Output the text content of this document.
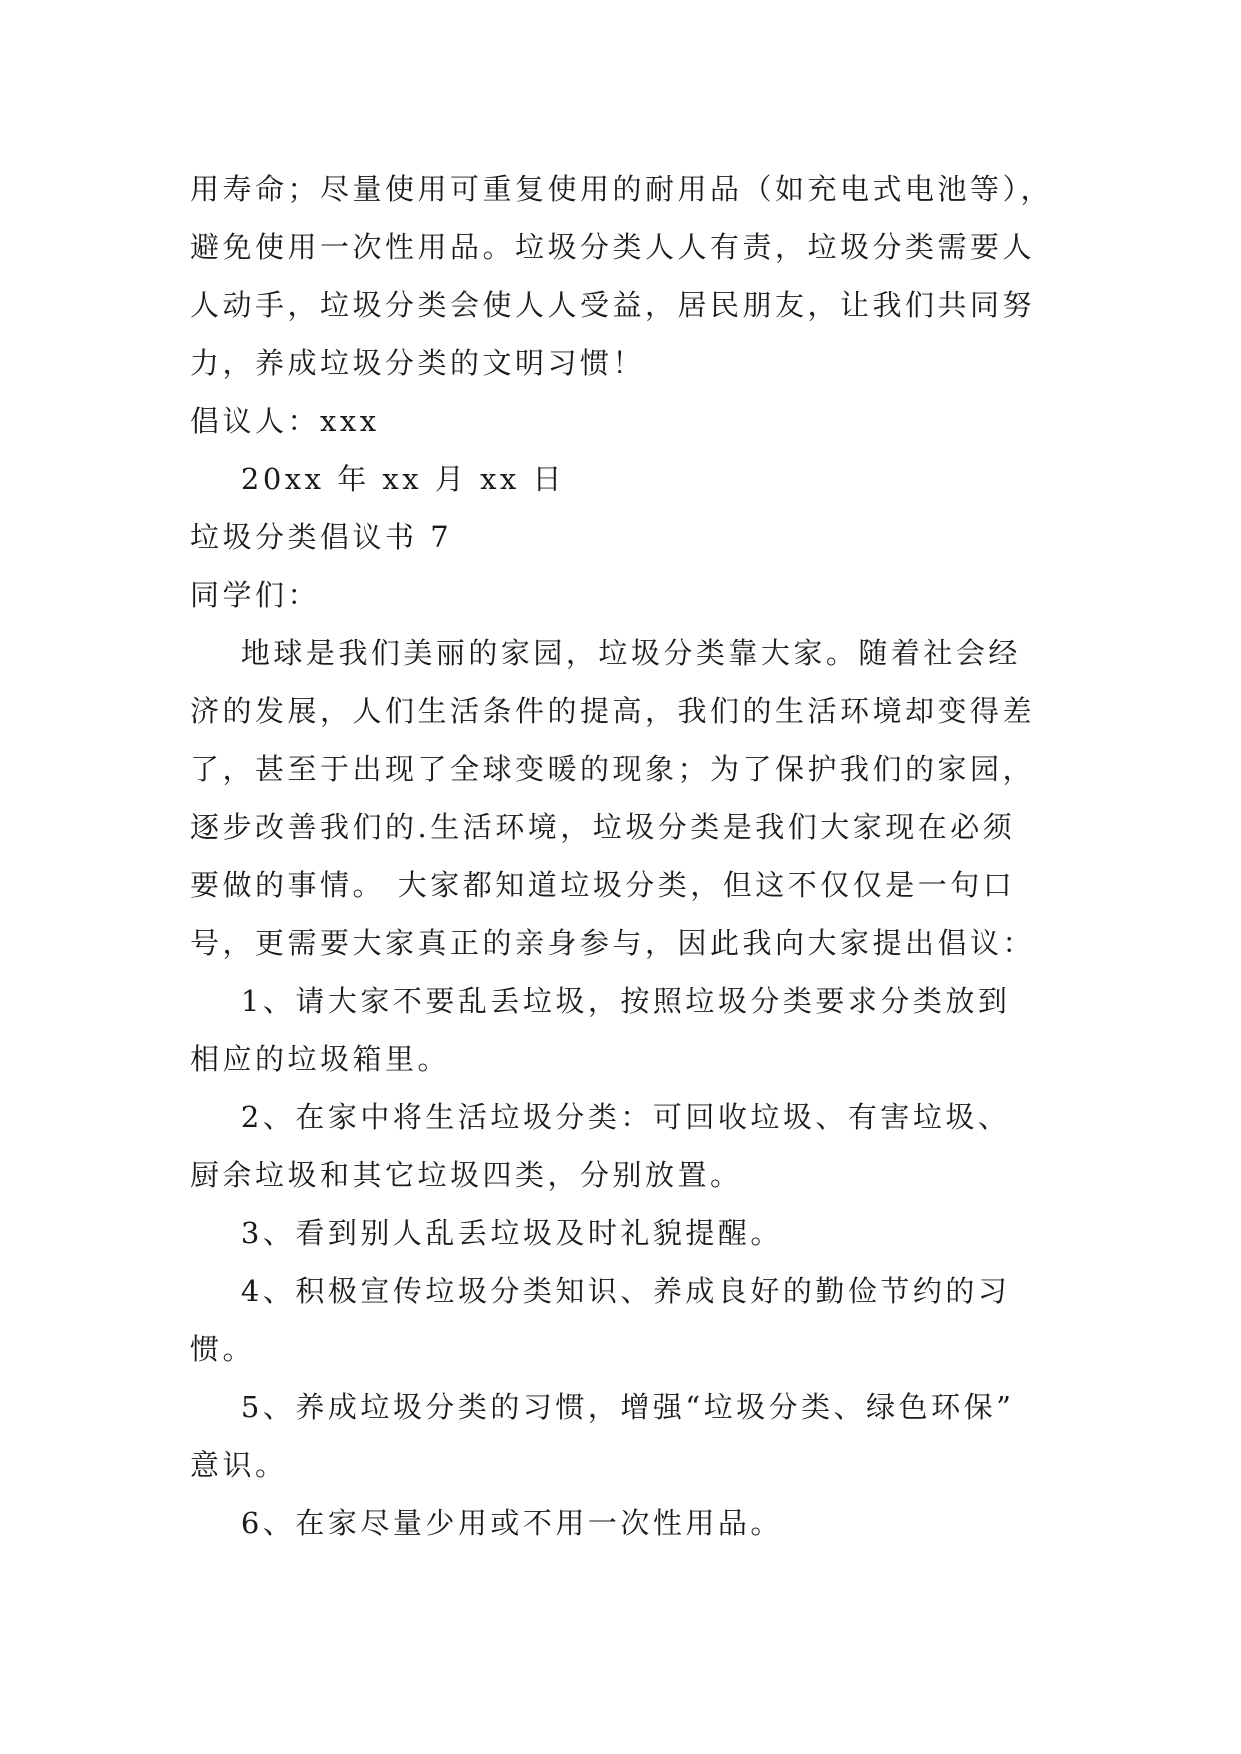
用寿命；尽量使用可重复使用的耐用品（如充电式电池等），

避免使用一次性用品。垃圾分类人人有责，垃圾分类需要人

人动手，垃圾分类会使人人受益，居民朋友，让我们共同努

力，养成垃圾分类的文明习惯！

倡议人：xxx

20xx 年 xx 月 xx 日

垃圾分类倡议书 7

同学们：

地球是我们美丽的家园，垃圾分类靠大家。随着社会经

济的发展，人们生活条件的提高，我们的生活环境却变得差

了，甚至于出现了全球变暖的现象；为了保护我们的家园，

逐步改善我们的.生活环境，垃圾分类是我们大家现在必须

要做的事情。 大家都知道垃圾分类，但这不仅仅是一句口

号，更需要大家真正的亲身参与，因此我向大家提出倡议：

1、请大家不要乱丢垃圾，按照垃圾分类要求分类放到

相应的垃圾箱里。

2、在家中将生活垃圾分类：可回收垃圾、有害垃圾、

厨余垃圾和其它垃圾四类，分别放置。

3、看到别人乱丢垃圾及时礼貌提醒。

4、积极宣传垃圾分类知识、养成良好的勤俭节约的习

惯。

5、养成垃圾分类的习惯，增强“垃圾分类、绿色环保”

意识。

6、在家尽量少用或不用一次性用品。
